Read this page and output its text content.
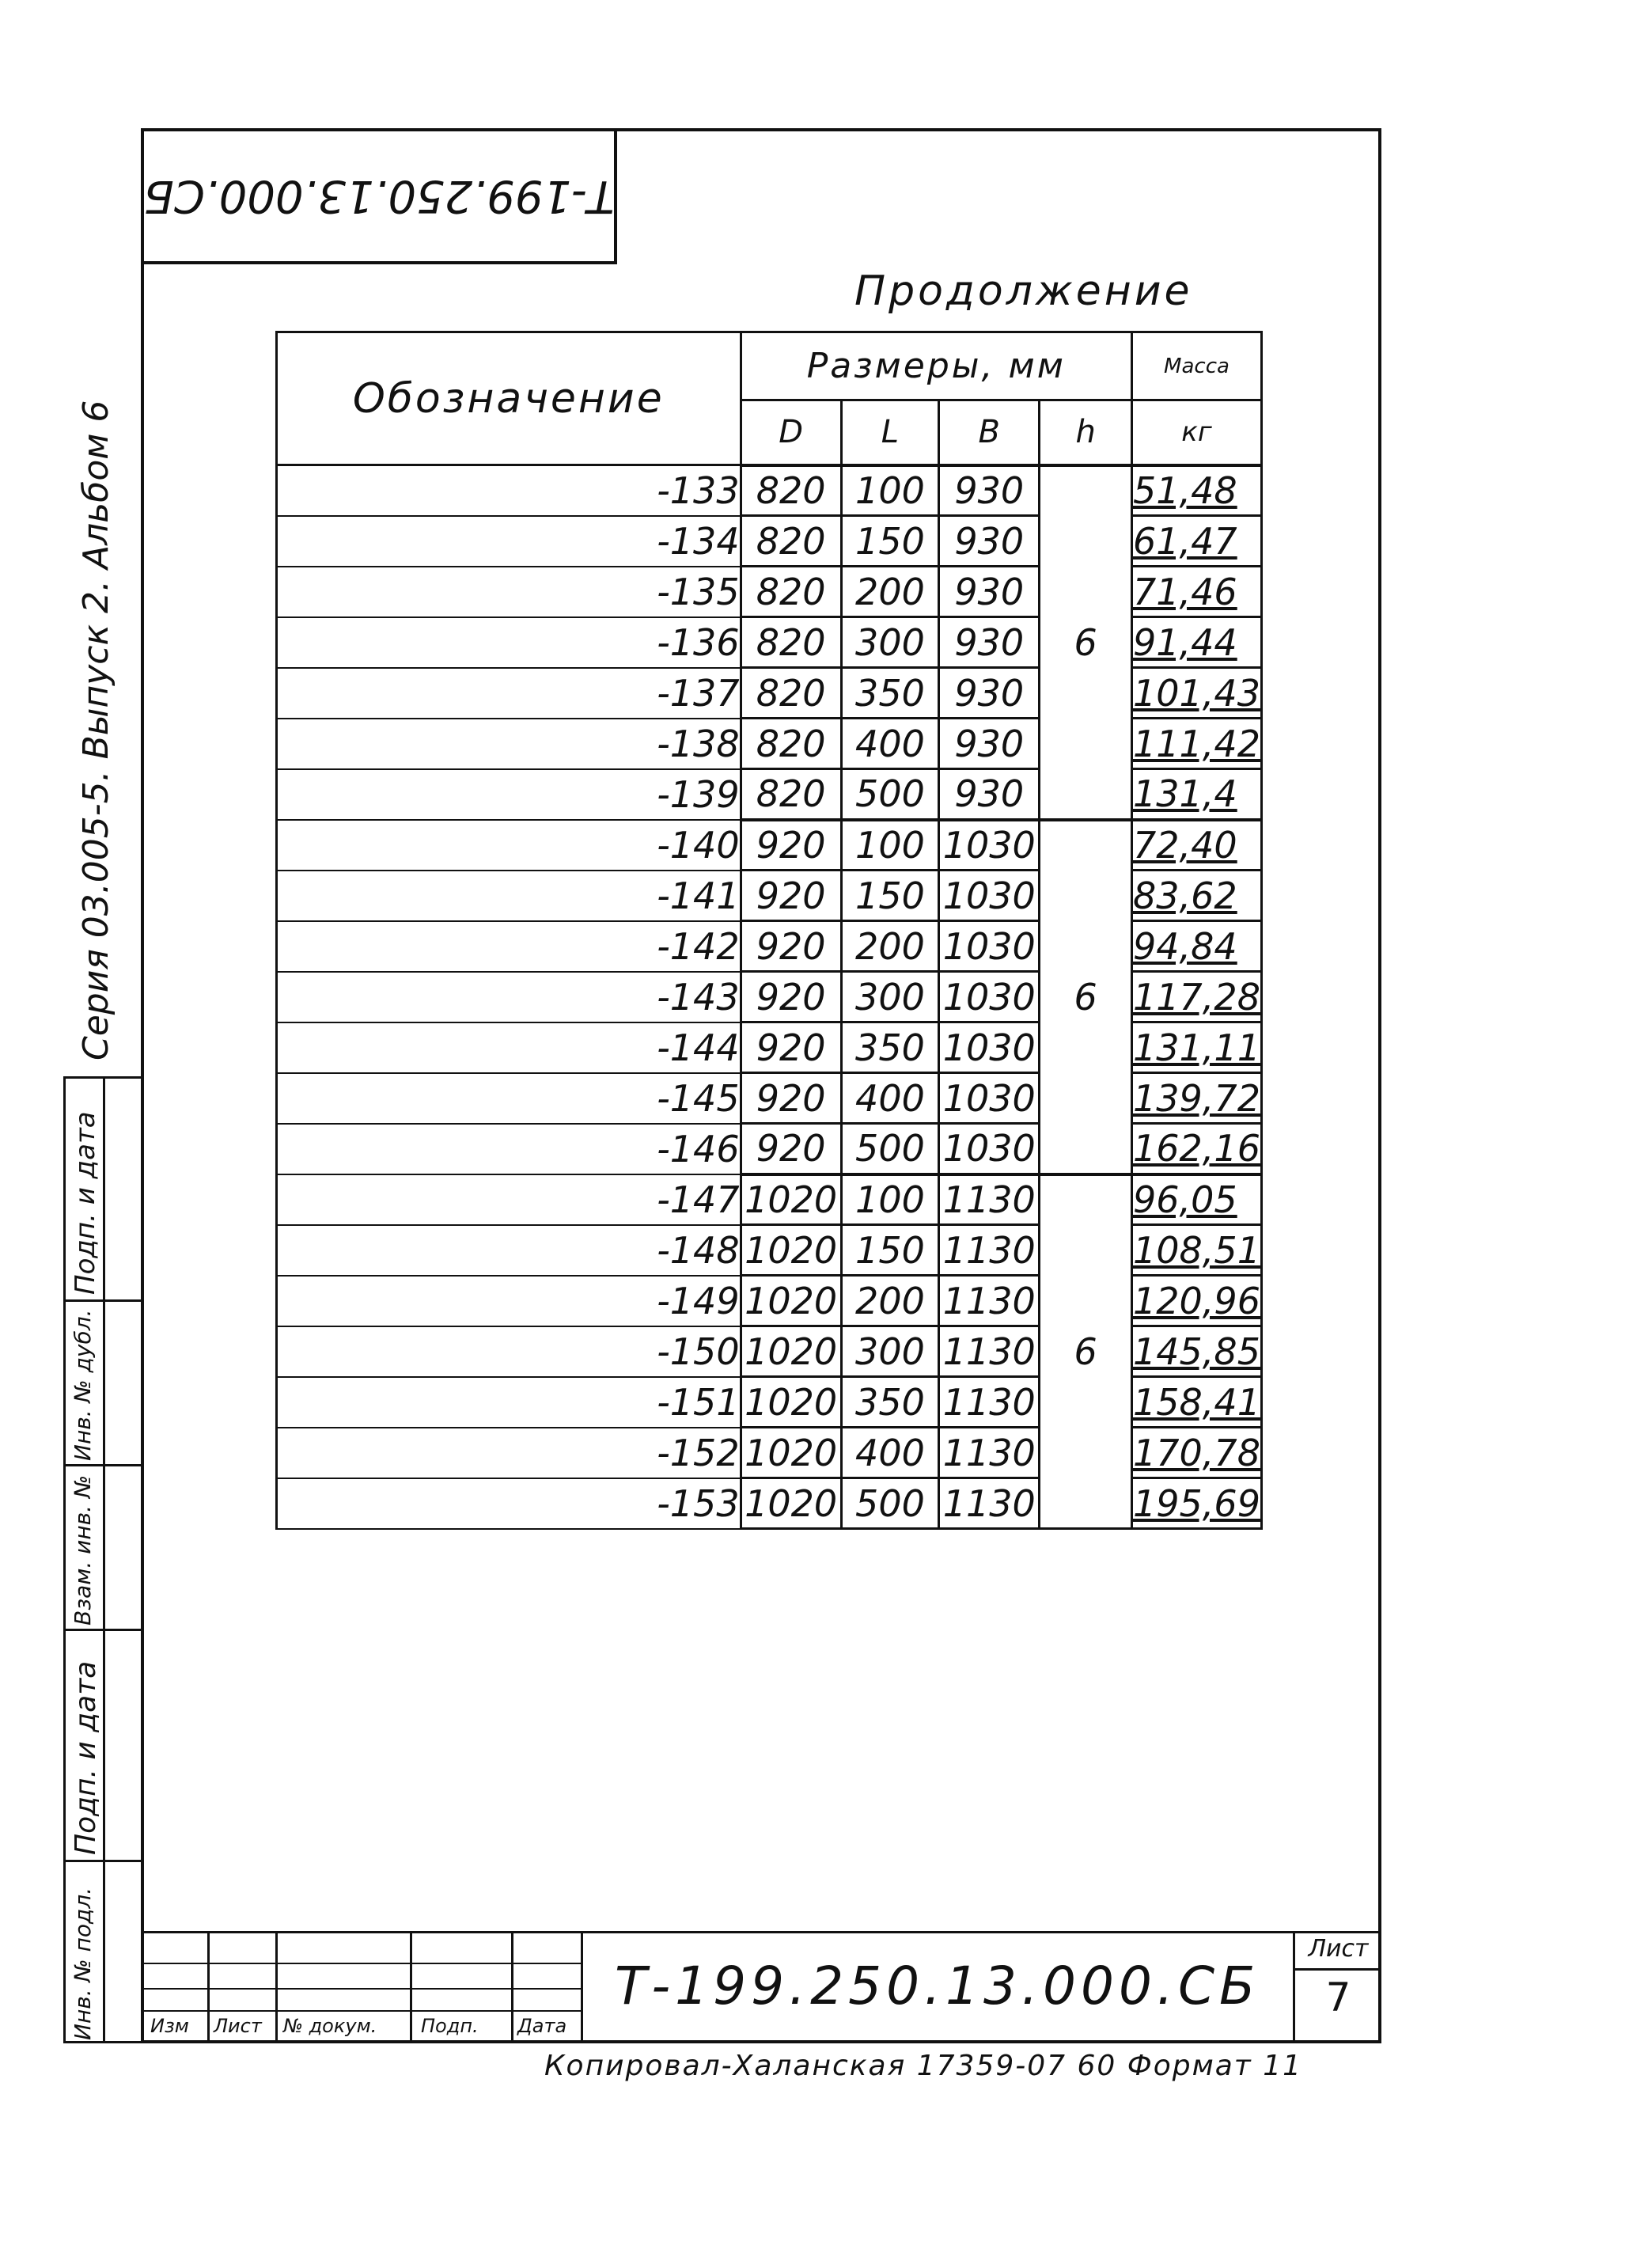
Т-199.250.13.000.СБ
Продолжение
Обозначение	Размеры, мм				Масса
	D	L	B	h	кг
-133	820	100	930	6	51,48
-134	820	150	930		61,47
-135	820	200	930		71,46
-136	820	300	930		91,44
-137	820	350	930		101,43
-138	820	400	930		111,42
-139	820	500	930		131,4
-140	920	100	1030	6	72,40
-141	920	150	1030		83,62
-142	920	200	1030		94,84
-143	920	300	1030		117,28
-144	920	350	1030		131,11
-145	920	400	1030		139,72
-146	920	500	1030		162,16
-147	1020	100	1130	6	96,05
-148	1020	150	1130		108,51
-149	1020	200	1130		120,96
-150	1020	300	1130		145,85
-151	1020	350	1130		158,41
-152	1020	400	1130		170,78
-153	1020	500	1130		195,69
Серия 03.005-5. Выпуск 2. Альбом 6
Подп. и дата
Инв. № дубл.
Взам. инв. №
Подп. и дата
Инв. № подл.	Изм Лист № докум. Подп. Дата
Т-199.250.13.000.СБ
Лист
7
Копировал-Халанская 17359-07 60 Формат 11
